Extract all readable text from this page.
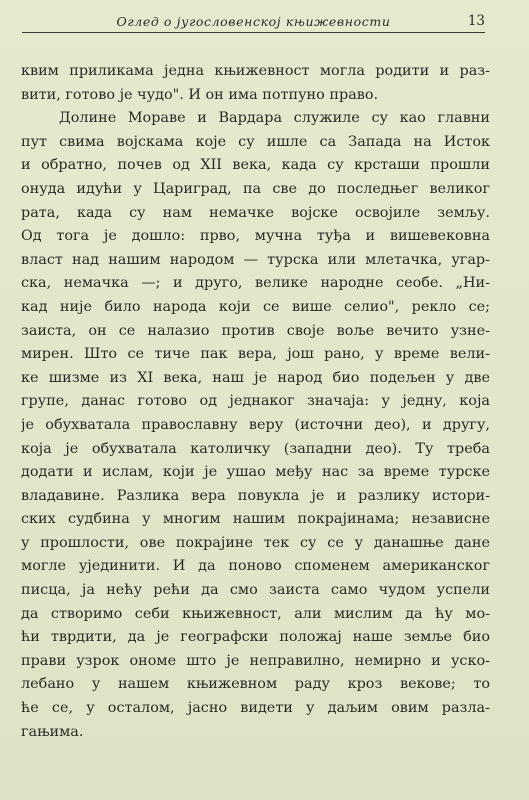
Оглед о југословенској књижевности	13
квим приликама једна књижевност могла родити и раз-
вити, готово је чудо". И он има потпуно право.
Долине Мораве и Вардара служиле су као главни
пут свима војскама које су ишле са Запада на Исток
и обратно, почев од XII века, када су крсташи прошли
онуда идући у Цариград, па све до последњег великог
рата, када су нам немачке војске освојиле земљу.
Од тога је дошло: прво, мучна туђа и вишевековна
власт над нашим народом — турска или млетачка, угар-
ска, немачка —; и друго, велике народне сеобе. „Ни-
кад није било народа који се више селио", рекло се;
заиста, он се налазио против своје воље вечито узне-
мирен. Што се тиче пак вера, још рано, у време вели-
ке шизме из XI века, наш је народ био подељен у две
групе, данас готово од једнаког значаја: у једну, која
је обухватала православну веру (источни део), и другу,
која је обухватала католичку (западни део). Ту треба
додати и ислам, који је ушао међу нас за време турске
владавине. Разлика вера повукла је и разлику истори-
ских судбина у многим нашим покрајинама; независне
у прошлости, ове покрајине тек су се у данашње дане
могле ујединити. И да поново споменем американског
писца, ја нећу рећи да смо заиста само чудом успели
да створимо себи књижевност, али мислим да ћу мо-
ћи тврдити, да је географски положај наше земље био
прави узрок ономе што је неправилно, немирно и уско-
лебано у нашем књижевном раду кроз векове; то
ће се, у осталом, јасно видети у даљим овим разла-
гањима.
